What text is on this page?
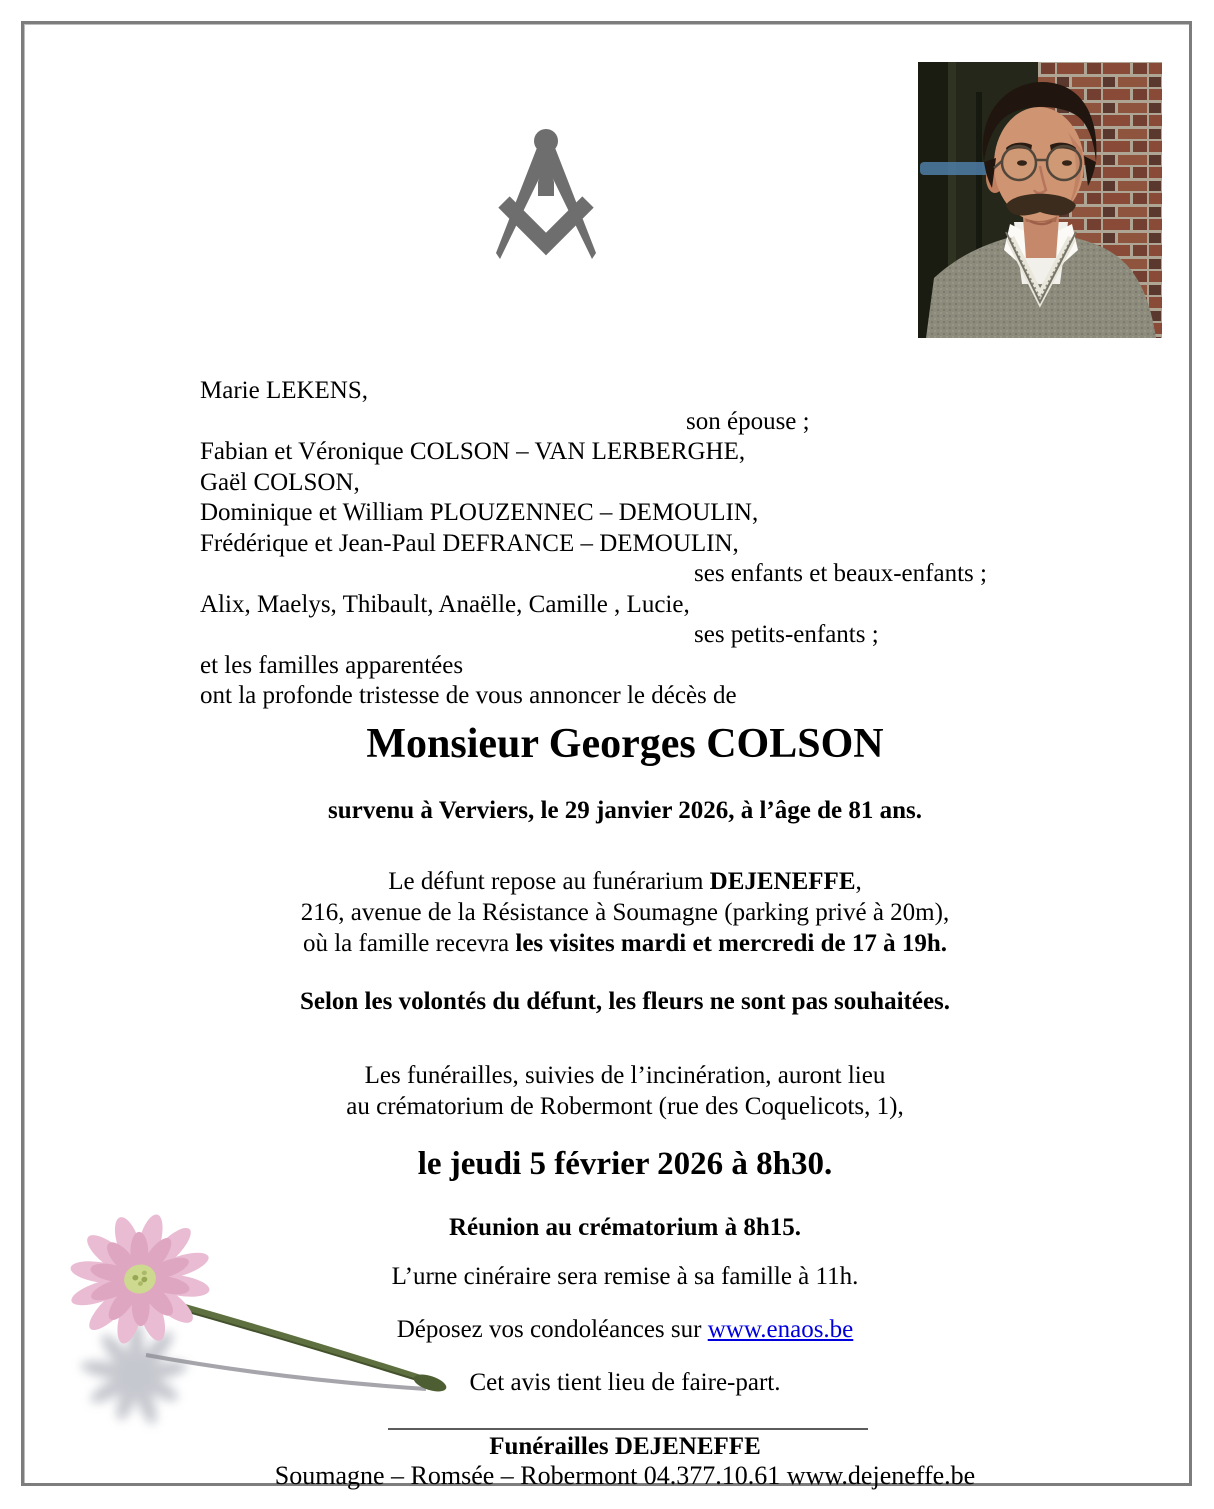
Marie LEKENS,
son épouse ;
Fabian et Véronique COLSON – VAN LERBERGHE,
Gaël COLSON,
Dominique et William PLOUZENNEC – DEMOULIN,
Frédérique et Jean-Paul DEFRANCE – DEMOULIN,
ses enfants et beaux-enfants ;
Alix, Maelys, Thibault, Anaëlle, Camille , Lucie,
ses petits-enfants ;
et les familles apparentées
ont la profonde tristesse de vous annoncer le décès de
Monsieur Georges COLSON
survenu à Verviers, le 29 janvier 2026, à l’âge de 81 ans.
Le défunt repose au funérarium DEJENEFFE,
216, avenue de la Résistance à Soumagne (parking privé à 20m),
où la famille recevra les visites mardi et mercredi de 17 à 19h.
Selon les volontés du défunt, les fleurs ne sont pas souhaitées.
Les funérailles, suivies de l’incinération, auront lieu
au crématorium de Robermont (rue des Coquelicots, 1),
le jeudi 5 février 2026 à 8h30.
Réunion au crématorium à 8h15.
L’urne cinéraire sera remise à sa famille à 11h.
Déposez vos condoléances sur www.enaos.be
Cet avis tient lieu de faire-part.
Funérailles DEJENEFFE
Soumagne – Romsée – Robermont 04.377.10.61 www.dejeneffe.be
